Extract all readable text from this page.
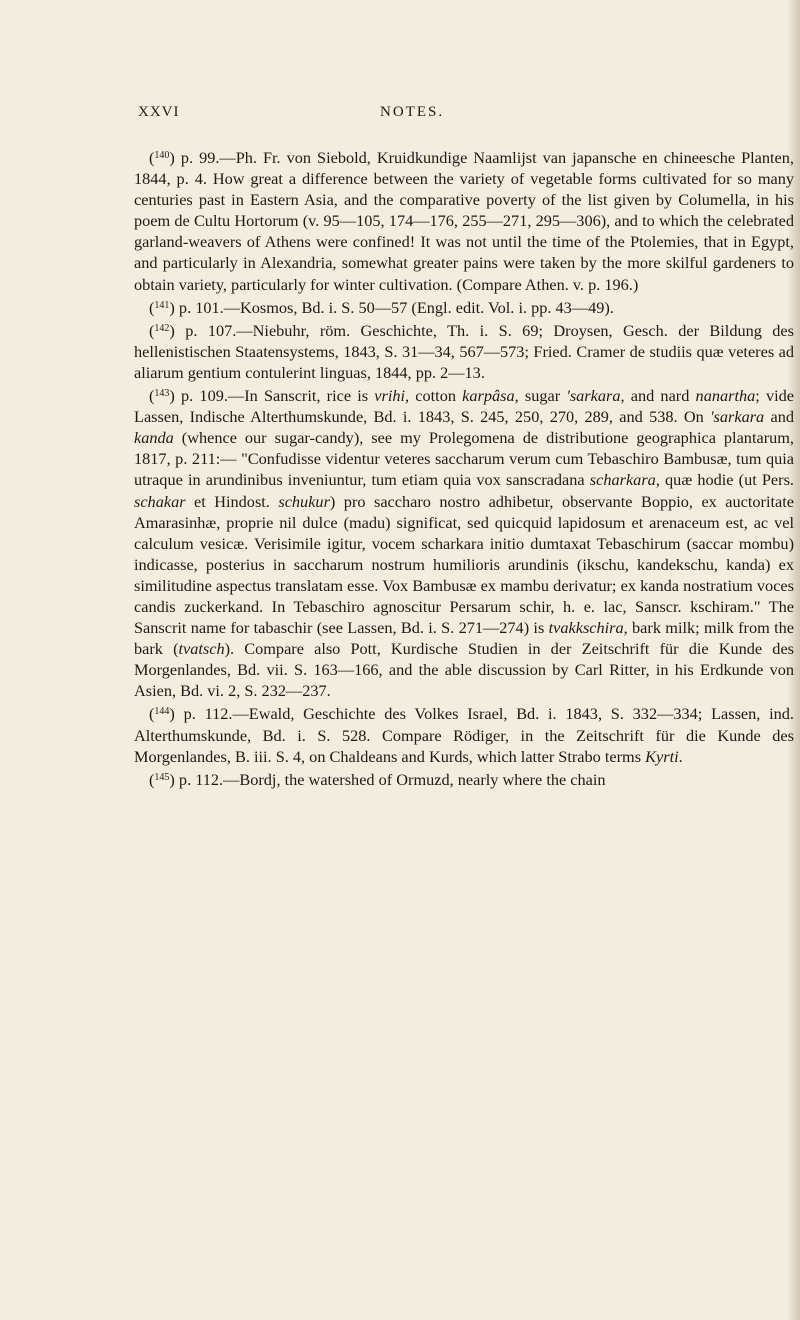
XXVI	NOTES.

($^{140}$) p. 99.—Ph. Fr. von Siebold, Kruidkundige Naamlijst van japansche en chineesche Planten, 1844, p. 4. How great a difference between the variety of vegetable forms cultivated for so many centuries past in Eastern Asia, and the comparative poverty of the list given by Columella, in his poem de Cultu Hortorum (v. 95—105, 174—176, 255—271, 295—306), and to which the celebrated garland-weavers of Athens were confined! It was not until the time of the Ptolemies, that in Egypt, and particularly in Alexandria, somewhat greater pains were taken by the more skilful gardeners to obtain variety, particularly for winter cultivation. (Compare Athen. v. p. 196.)

($^{141}$) p. 101.—Kosmos, Bd. i. S. 50—57 (Engl. edit. Vol. i. pp. 43—49).

($^{142}$) p. 107.—Niebuhr, röm. Geschichte, Th. i. S. 69; Droysen, Gesch. der Bildung des hellenistischen Staatensystems, 1843, S. 31—34, 567—573; Fried. Cramer de studiis quæ veteres ad aliarum gentium contulerint linguas, 1844, pp. 2—13.

($^{143}$) p. 109.—In Sanscrit, rice is vrihi, cotton karpâsa, sugar 'sarkara, and nard nanartha; vide Lassen, Indische Alterthumskunde, Bd. i. 1843, S. 245, 250, 270, 289, and 538. On 'sarkara and kanda (whence our sugar-candy), see my Prolegomena de distributione geographica plantarum, 1817, p. 211:— "Confudisse videntur veteres saccharum verum cum Tebaschiro Bambusæ, tum quia utraque in arundinibus inveniuntur, tum etiam quia vox sanscradana scharkara, quæ hodie (ut Pers. schakar et Hindost. schukur) pro saccharo nostro adhibetur, observante Boppio, ex auctoritate Amarasinhæ, proprie nil dulce (madu) significat, sed quicquid lapidosum et arenaceum est, ac vel calculum vesicæ. Verisimile igitur, vocem scharkara initio dumtaxat Tebaschirum (saccar mombu) indicasse, posterius in saccharum nostrum humilioris arundinis (ikschu, kandekschu, kanda) ex similitudine aspectus translatam esse. Vox Bambusæ ex mambu derivatur; ex kanda nostratium voces candis zuckerkand. In Tebaschiro agnoscitur Persarum schir, h. e. lac, Sanscr. kschiram." The Sanscrit name for tabaschir (see Lassen, Bd. i. S. 271—274) is tvakkschira, bark milk; milk from the bark (tvatsch). Compare also Pott, Kurdische Studien in der Zeitschrift für die Kunde des Morgenlandes, Bd. vii. S. 163—166, and the able discussion by Carl Ritter, in his Erdkunde von Asien, Bd. vi. 2, S. 232—237.

($^{144}$) p. 112.—Ewald, Geschichte des Volkes Israel, Bd. i. 1843, S. 332—334; Lassen, ind. Alterthumskunde, Bd. i. S. 528. Compare Rödiger, in the Zeitschrift für die Kunde des Morgenlandes, B. iii. S. 4, on Chaldeans and Kurds, which latter Strabo terms Kyrti.

($^{145}$) p. 112.—Bordj, the watershed of Ormuzd, nearly where the chain
